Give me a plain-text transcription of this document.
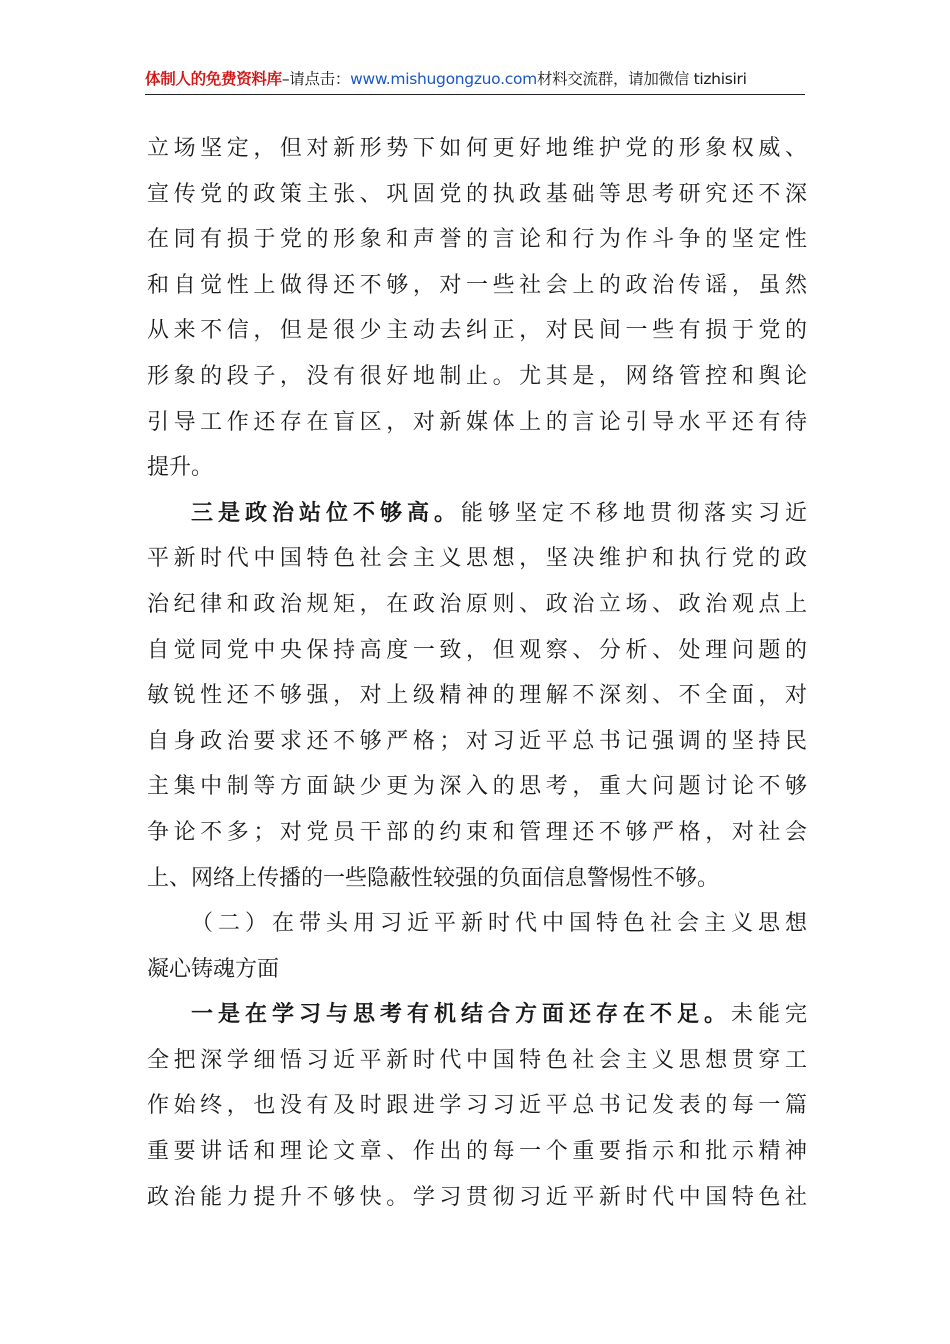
体制人的免费资料库–请点击：www.mishugongzuo.com材料交流群，请加微信 tizhisiri
立场坚定，但对新形势下如何更好地维护党的形象权威、
宣传党的政策主张、巩固党的执政基础等思考研究还不深
在同有损于党的形象和声誉的言论和行为作斗争的坚定性
和自觉性上做得还不够，对一些社会上的政治传谣，虽然
从来不信，但是很少主动去纠正，对民间一些有损于党的
形象的段子，没有很好地制止。尤其是，网络管控和舆论
引导工作还存在盲区，对新媒体上的言论引导水平还有待
提升。
三是政治站位不够高。能够坚定不移地贯彻落实习近
平新时代中国特色社会主义思想，坚决维护和执行党的政
治纪律和政治规矩，在政治原则、政治立场、政治观点上
自觉同党中央保持高度一致，但观察、分析、处理问题的
敏锐性还不够强，对上级精神的理解不深刻、不全面，对
自身政治要求还不够严格；对习近平总书记强调的坚持民
主集中制等方面缺少更为深入的思考，重大问题讨论不够
争论不多；对党员干部的约束和管理还不够严格，对社会
上、网络上传播的一些隐蔽性较强的负面信息警惕性不够。
（二）在带头用习近平新时代中国特色社会主义思想
凝心铸魂方面
一是在学习与思考有机结合方面还存在不足。未能完
全把深学细悟习近平新时代中国特色社会主义思想贯穿工
作始终，也没有及时跟进学习习近平总书记发表的每一篇
重要讲话和理论文章、作出的每一个重要指示和批示精神
政治能力提升不够快。学习贯彻习近平新时代中国特色社
